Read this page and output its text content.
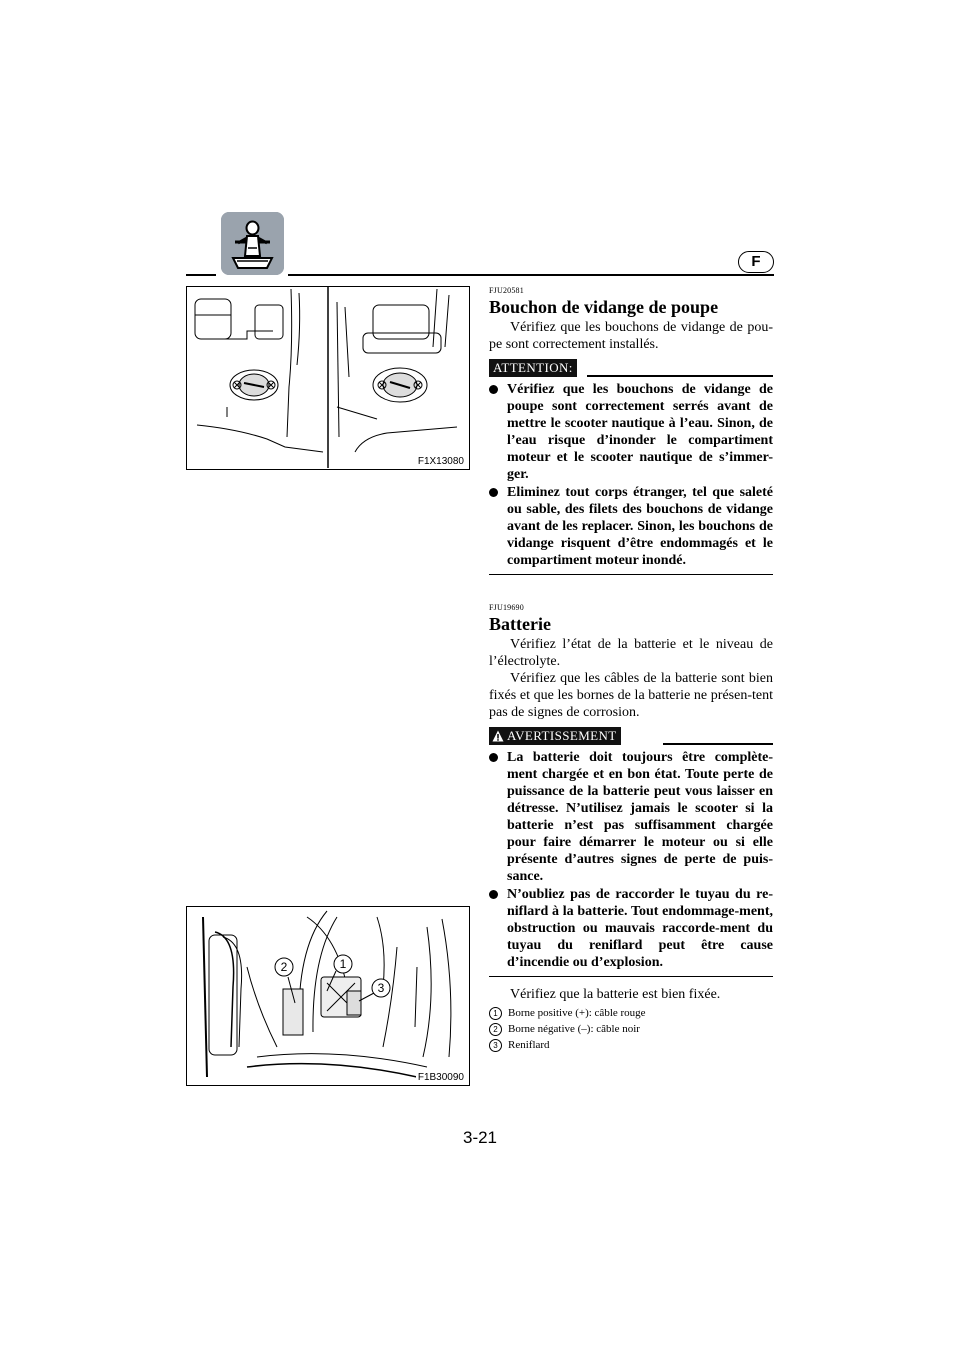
F
F1X13080
2	1
3
F1B30090

FJU20581

Bouchon de vidange de poupe

Vérifiez que les bouchons de vidange de pou-pe sont correctement installés.

ATTENTION:

Vérifiez que les bouchons de vidange de poupe sont correctement serrés avant de mettre le scooter nautique à l’eau. Sinon, de l’eau risque d’inonder le compartiment moteur et le scooter nautique de s’immer-ger.

Eliminez tout corps étranger, tel que saleté ou sable, des filets des bouchons de vidange avant de les replacer. Sinon, les bouchons de vidange risquent d’être endommagés et le compartiment moteur inondé.

FJU19690

Batterie

Vérifiez l’état de la batterie et le niveau de l’électrolyte.

Vérifiez que les câbles de la batterie sont bien fixés et que les bornes de la batterie ne présen-tent pas de signes de corrosion.

AVERTISSEMENT

La batterie doit toujours être complète-ment chargée et en bon état. Toute perte de puissance de la batterie peut vous laisser en détresse. N’utilisez jamais le scooter si la batterie n’est pas suffisamment chargée pour faire démarrer le moteur ou si elle présente d’autres signes de perte de puis-sance.

N’oubliez pas de raccorder le tuyau du re-niflard à la batterie. Tout endommage-ment, obstruction ou mauvais raccorde-ment du tuyau du reniflard peut être cause d’incendie ou d’explosion.

Vérifiez que la batterie est bien fixée.

1 Borne positive (+): câble rouge

2 Borne négative (–): câble noir

3 Reniflard

3-21
